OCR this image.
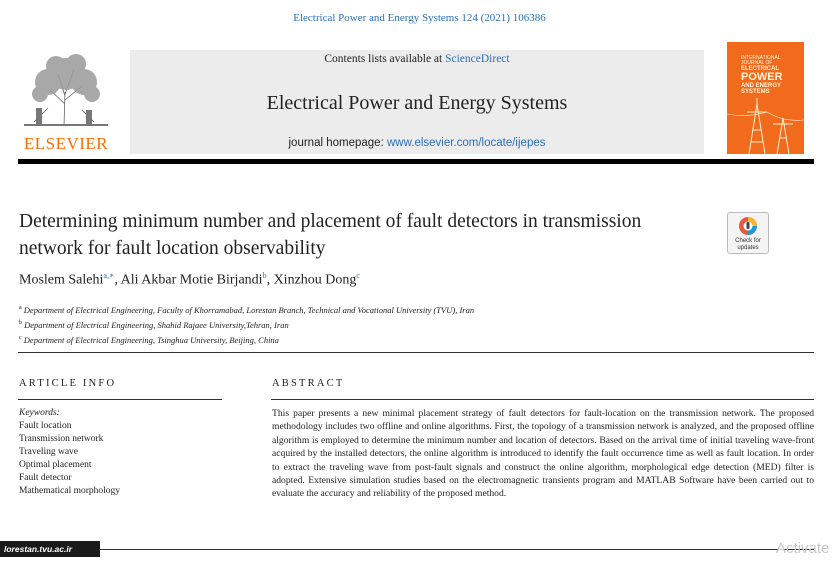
Electrical Power and Energy Systems 124 (2021) 106386
ELSEVIER
Contents lists available at ScienceDirect
Electrical Power and Energy Systems
journal homepage: www.elsevier.com/locate/ijepes
INTERNATIONAL JOURNAL OF
ELECTRICAL
POWER
AND ENERGY
SYSTEMS
Determining minimum number and placement of fault detectors in transmission network for fault location observability	Check for
updates
Moslem Salehi$^{a,∗}$, Ali Akbar Motie Birjandi$^b$, Xinzhou Dong$^c$
$^a$ Department of Electrical Engineering, Faculty of Khorramabad, Lorestan Branch, Technical and Vocational University (TVU), Iran
$^b$ Department of Electrical Engineering, Shahid Rajaee University,Tehran, Iran
$^c$ Department of Electrical Engineering, Tsinghua University, Beijing, China
ARTICLE INFO	ABSTRACT
Keywords:
Fault location
Transmission network
Traveling wave
Optimal placement
Fault detector
Mathematical morphology
This paper presents a new minimal placement strategy of fault detectors for fault-location on the transmission network. The proposed methodology includes two offline and online algorithms. First, the topology of a transmission network is analyzed, and the proposed offline algorithm is employed to determine the minimum number and location of detectors. Based on the arrival time of initial traveling wave-front acquired by the installed detectors, the online algorithm is introduced to identify the fault occurrence time as well as fault location. In order to extract the traveling wave from post-fault signals and construct the online algorithm, morphological edge detection (MED) filter is adopted. Extensive simulation studies based on the electromagnetic transients program and MATLAB Software have been carried out to evaluate the accuracy and reliability of the proposed method.
lorestan.tvu.ac.ir	Activate
